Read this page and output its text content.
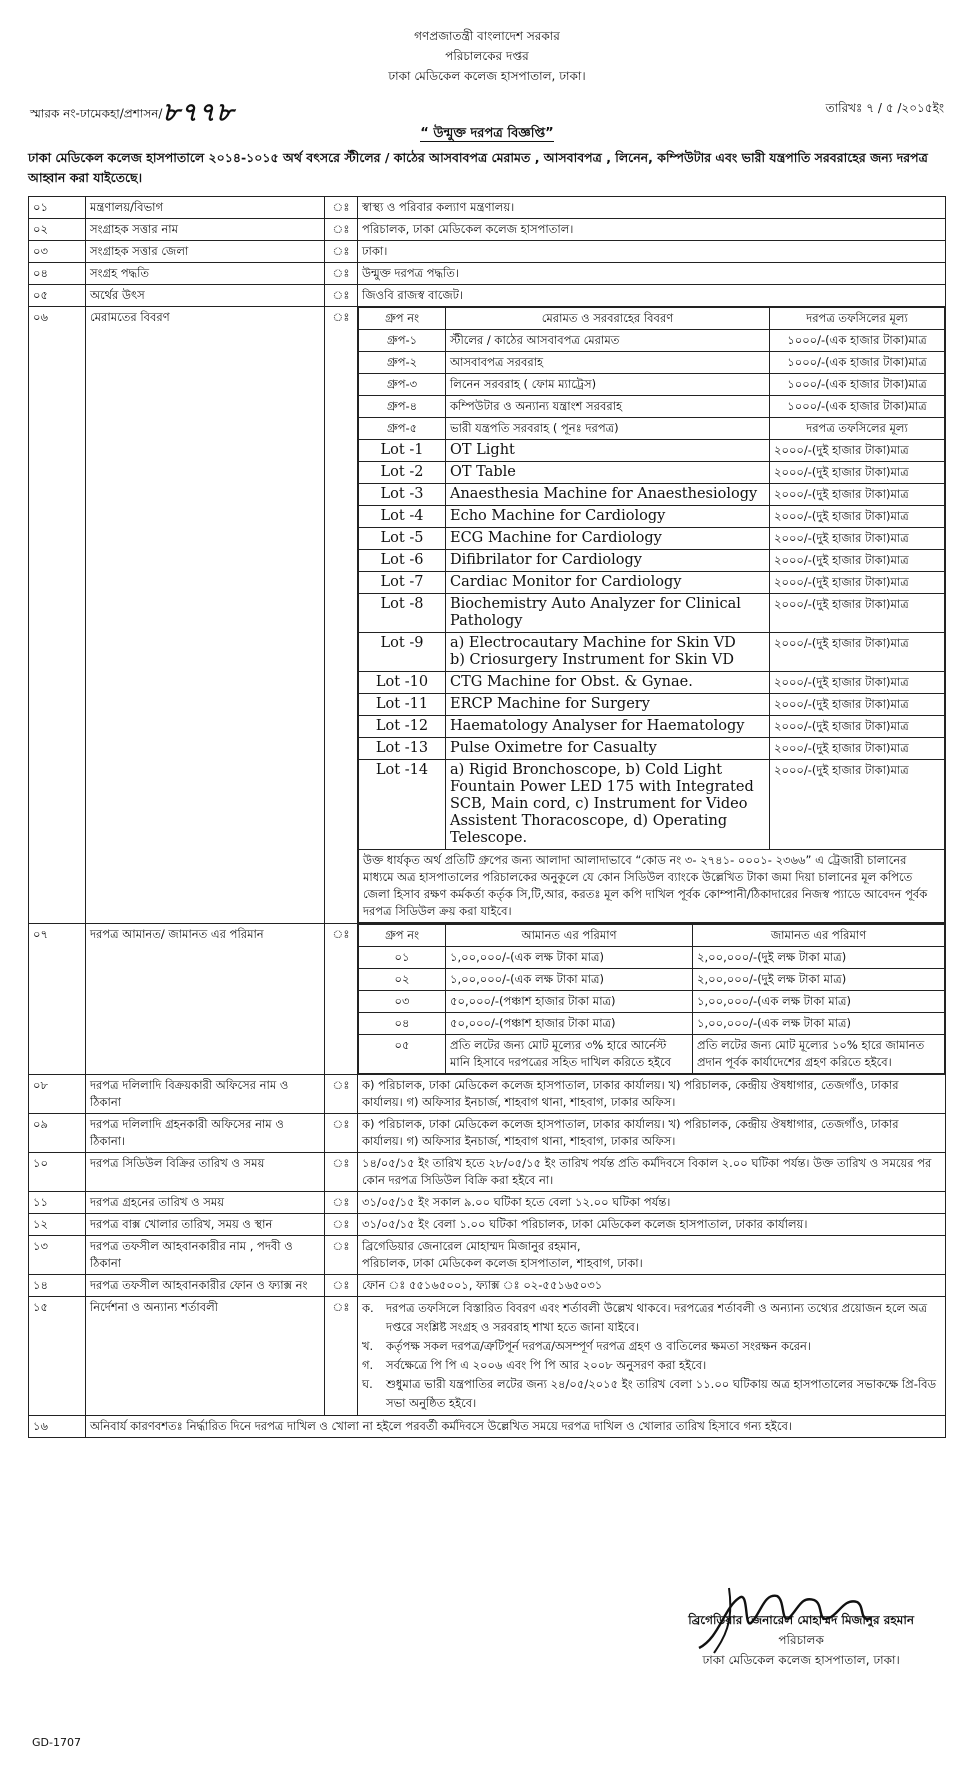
গণপ্রজাতন্ত্রী বাংলাদেশ সরকার
পরিচালকের দপ্তর
ঢাকা মেডিকেল কলেজ হাসপাতাল, ঢাকা।
স্মারক নং-ঢামেকহা/প্রশাসন/৮৭৭৮	তারিখঃ ৭ / ৫ /২০১৫ইং
“ উন্মুক্ত দরপত্র বিজ্ঞপ্তি”
ঢাকা মেডিকেল কলেজ হাসপাতালে ২০১৪-১০১৫ অর্থ বৎসরে স্টীলের / কাঠের আসবাবপত্র মেরামত , আসবাবপত্র , লিনেন, কম্পিউটার এবং ভারী যন্ত্রপাতি সরবরাহের জন্য দরপত্র আহ্বান করা যাইতেছে।
০১	মন্ত্রণালয়/বিভাগ	ঃ	স্বাস্থ্য ও পরিবার কল্যাণ মন্ত্রণালয়।
০২	সংগ্রাহক সত্তার নাম	ঃ	পরিচালক, ঢাকা মেডিকেল কলেজ হাসপাতাল।
০৩	সংগ্রাহক সত্তার জেলা	ঃ	ঢাকা।
০৪	সংগ্রহ পদ্ধতি	ঃ	উন্মুক্ত দরপত্র পদ্ধতি।
০৫	অর্থের উৎস	ঃ	জিওবি রাজস্ব বাজেট।
০৬	মেরামতের বিবরণ	ঃ		গ্রুপ নং	মেরামত ও সরবরাহের বিবরণ	দরপত্র তফসিলের মূল্য
গ্রুপ-১	স্টীলের / কাঠের আসবাবপত্র মেরামত	১০০০/-(এক হাজার টাকা)মাত্র
গ্রুপ-২	আসবাবপত্র সরবরাহ	১০০০/-(এক হাজার টাকা)মাত্র
গ্রুপ-৩	লিনেন সরবরাহ ( ফোম ম্যাট্রেস)	১০০০/-(এক হাজার টাকা)মাত্র
গ্রুপ-৪	কম্পিউটার ও অন্যান্য যন্ত্রাংশ সরবরাহ	১০০০/-(এক হাজার টাকা)মাত্র
গ্রুপ-৫	ভারী যন্ত্রপতি সরবরাহ ( পূনঃ দরপত্র)	দরপত্র তফসিলের মূল্য
Lot -1	OT Light	২০০০/-(দুই হাজার টাকা)মাত্র
Lot -2	OT Table	২০০০/-(দুই হাজার টাকা)মাত্র
Lot -3	Anaesthesia Machine for Anaesthesiology	২০০০/-(দুই হাজার টাকা)মাত্র
Lot -4	Echo Machine for Cardiology	২০০০/-(দুই হাজার টাকা)মাত্র
Lot -5	ECG Machine for Cardiology	২০০০/-(দুই হাজার টাকা)মাত্র
Lot -6	Difibrilator for Cardiology	২০০০/-(দুই হাজার টাকা)মাত্র
Lot -7	Cardiac Monitor for Cardiology	২০০০/-(দুই হাজার টাকা)মাত্র
Lot -8	Biochemistry Auto Analyzer for Clinical Pathology	২০০০/-(দুই হাজার টাকা)মাত্র
Lot -9	a) Electrocautary Machine for Skin VD
b) Criosurgery Instrument for Skin VD	২০০০/-(দুই হাজার টাকা)মাত্র
Lot -10	CTG Machine for Obst. & Gynae.	২০০০/-(দুই হাজার টাকা)মাত্র
Lot -11	ERCP Machine for Surgery	২০০০/-(দুই হাজার টাকা)মাত্র
Lot -12	Haematology Analyser for Haematology	২০০০/-(দুই হাজার টাকা)মাত্র
Lot -13	Pulse Oximetre for Casualty	২০০০/-(দুই হাজার টাকা)মাত্র
Lot -14	a) Rigid Bronchoscope, b) Cold Light Fountain Power LED 175 with Integrated SCB, Main cord, c) Instrument for Video Assistent Thoracoscope, d) Operating Telescope.	২০০০/-(দুই হাজার টাকা)মাত্র
উক্ত ধার্যকৃত অর্থ প্রতিটি গ্রুপের জন্য আলাদা আলাদাভাবে “কোড নং ৩- ২৭৪১- ০০০১- ২৩৬৬” এ ট্রেজারী চালানের মাধ্যমে অত্র হাসপাতালের পরিচালকের অনুকূলে যে কোন সিডিউল ব্যাংকে উল্লেখিত টাকা জমা দিয়া চালানের মূল কপিতে জেলা হিসাব রক্ষণ কর্মকর্তা কর্তৃক সি,টি,আর, করতঃ মূল কপি দাখিল পূর্বক কোম্পানী/ঠিকাদারের নিজস্ব প্যাডে আবেদন পূর্বক দরপত্র সিডিউল ক্রয় করা যাইবে।

০৭	দরপত্র আমানত/ জামানত এর পরিমান	ঃ		গ্রুপ নং	আমানত এর পরিমাণ	জামানত এর পরিমাণ
০১	১,০০,০০০/-(এক লক্ষ টাকা মাত্র)	২,০০,০০০/-(দুই লক্ষ টাকা মাত্র)
০২	১,০০,০০০/-(এক লক্ষ টাকা মাত্র)	২,০০,০০০/-(দুই লক্ষ টাকা মাত্র)
০৩	৫০,০০০/-(পঞ্চাশ হাজার টাকা মাত্র)	১,০০,০০০/-(এক লক্ষ টাকা মাত্র)
০৪	৫০,০০০/-(পঞ্চাশ হাজার টাকা মাত্র)	১,০০,০০০/-(এক লক্ষ টাকা মাত্র)
০৫	প্রতি লটের জন্য মোট মূল্যের ৩% হারে আর্নেস্ট মানি হিসাবে দরপত্রের সহিত দাখিল করিতে হইবে	প্রতি লটের জন্য মোট মূল্যের ১০% হারে জামানত প্রদান পূর্বক কার্যাদেশের গ্রহণ করিতে হইবে।

০৮	দরপত্র দলিলাদি বিক্রয়কারী অফিসের নাম ও ঠিকানা	ঃ	ক) পরিচালক, ঢাকা মেডিকেল কলেজ হাসপাতাল, ঢাকার কার্যালয়। খ) পরিচালক, কেন্দ্রীয় ঔষধাগার, তেজগাঁও, ঢাকার কার্যালয়। গ) অফিসার ইনচার্জ, শাহবাগ থানা, শাহবাগ, ঢাকার অফিস।
০৯	দরপত্র দলিলাদি গ্রহনকারী অফিসের নাম ও ঠিকানা।	ঃ	ক) পরিচালক, ঢাকা মেডিকেল কলেজ হাসপাতাল, ঢাকার কার্যালয়। খ) পরিচালক, কেন্দ্রীয় ঔষধাগার, তেজগাঁও, ঢাকার কার্যালয়। গ) অফিসার ইনচার্জ, শাহবাগ থানা, শাহবাগ, ঢাকার অফিস।
১০	দরপত্র সিডিউল বিক্রির তারিখ ও সময়	ঃ	১৪/০৫/১৫ ইং তারিখ হতে ২৮/০৫/১৫ ইং তারিখ পর্যন্ত প্রতি কর্মদিবসে বিকাল ২.০০ ঘটিকা পর্যন্ত। উক্ত তারিখ ও সময়ের পর কোন দরপত্র সিডিউল বিক্রি করা হইবে না।
১১	দরপত্র গ্রহনের তারিখ ও সময়	ঃ	৩১/০৫/১৫ ইং সকাল ৯.০০ ঘটিকা হতে বেলা ১২.০০ ঘটিকা পর্যন্ত।
১২	দরপত্র বাক্স খোলার তারিখ, সময় ও স্থান	ঃ	৩১/০৫/১৫ ইং বেলা ১.০০ ঘটিকা পরিচালক, ঢাকা মেডিকেল কলেজ হাসপাতাল, ঢাকার কার্যালয়।
১৩	দরপত্র তফসীল আহবানকারীর নাম , পদবী ও ঠিকানা	ঃ	ব্রিগেডিয়ার জেনারেল মোহাম্মদ মিজানুর রহমান,
পরিচালক, ঢাকা মেডিকেল কলেজ হাসপাতাল, শাহবাগ, ঢাকা।
১৪	দরপত্র তফসীল আহবানকারীর ফোন ও ফ্যাক্স নং	ঃ	ফোন ঃ ৫৫১৬৫০০১, ফ্যাক্স ঃ ০২-৫৫১৬৫০৩১
১৫	নির্দেশনা ও অন্যান্য শর্তাবলী	ঃ	ক.	দরপত্র তফসিলে বিস্তারিত বিবরণ এবং শর্তাবলী উল্লেখ থাকবে। দরপত্রের শর্তাবলী ও অন্যান্য তথ্যের প্রয়োজন হলে অত্র দপ্তরে সংশ্লিষ্ট সংগ্রহ ও সরবরাহ শাখা হতে জানা যাইবে।
খ.	কর্তৃপক্ষ সকল দরপত্র/ত্রুটিপূর্ন দরপত্র/অসম্পূর্ণ দরপত্র গ্রহণ ও বাতিলের ক্ষমতা সংরক্ষন করেন।
গ.	সর্বক্ষেত্রে পি পি এ ২০০৬ এবং পি পি আর ২০০৮ অনুসরণ করা হইবে।
ঘ.	শুধুমাত্র ভারী যন্ত্রপাতির লটের জন্য ২৪/০৫/২০১৫ ইং তারিখ বেলা ১১.০০ ঘটিকায় অত্র হাসপাতালের সভাকক্ষে প্রি-বিড সভা অনুষ্ঠিত হইবে।

১৬	অনিবার্য কারণবশতঃ নির্দ্ধারিত দিনে দরপত্র দাখিল ও খোলা না হইলে পরবর্তী কর্মদিবসে উল্লেখিত সময়ে দরপত্র দাখিল ও খোলার তারিখ হিসাবে গন্য হইবে।
ব্রিগেডিয়ার জেনারেল মোহাম্মদ মিজানুর রহমান
পরিচালক
ঢাকা মেডিকেল কলেজ হাসপাতাল, ঢাকা।
GD-1707
